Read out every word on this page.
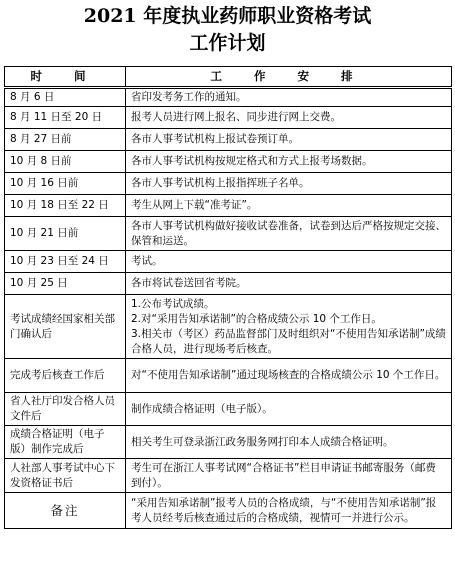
2021 年度执业药师职业资格考试
工作计划
时 间	工 作 安 排
8 月 6 日	省印发考务工作的通知。
8 月 11 日至 20 日	报考人员进行网上报名、同步进行网上交费。
8 月 27 日前	各市人事考试机构上报试卷预订单。
10 月 8 日前	各市人事考试机构按规定格式和方式上报考场数据。
10 月 16 日前	各市人事考试机构上报指挥班子名单。
10 月 18 日至 22 日	考生从网上下载“准考证”。
10 月 21 日前	各市人事考试机构做好接收试卷准备，试卷到达后严格按规定交接、保管和运送。
10 月 23 日至 24 日	考试。
10 月 25 日	各市将试卷送回省考院。
考试成绩经国家相关部门确认后	1.公布考试成绩。
2.对“采用告知承诺制”的合格成绩公示 10 个工作日。
3.相关市（考区）药品监督部门及时组织对“不使用告知承诺制”成绩合格人员，进行现场考后核查。

完成考后核查工作后	对“不使用告知承诺制”通过现场核查的合格成绩公示 10 个工作日。
省人社厅印发合格人员文件后	制作成绩合格证明（电子版）。
成绩合格证明（电子版）制作完成后	相关考生可登录浙江政务服务网打印本人成绩合格证明。
人社部人事考试中心下发资格证书后	考生可在浙江人事考试网“合格证书”栏目申请证书邮寄服务（邮费到付）。
备注	“采用告知承诺制”报考人员的合格成绩，与“不使用告知承诺制”报考人员经考后核查通过后的合格成绩，视情可一并进行公示。
